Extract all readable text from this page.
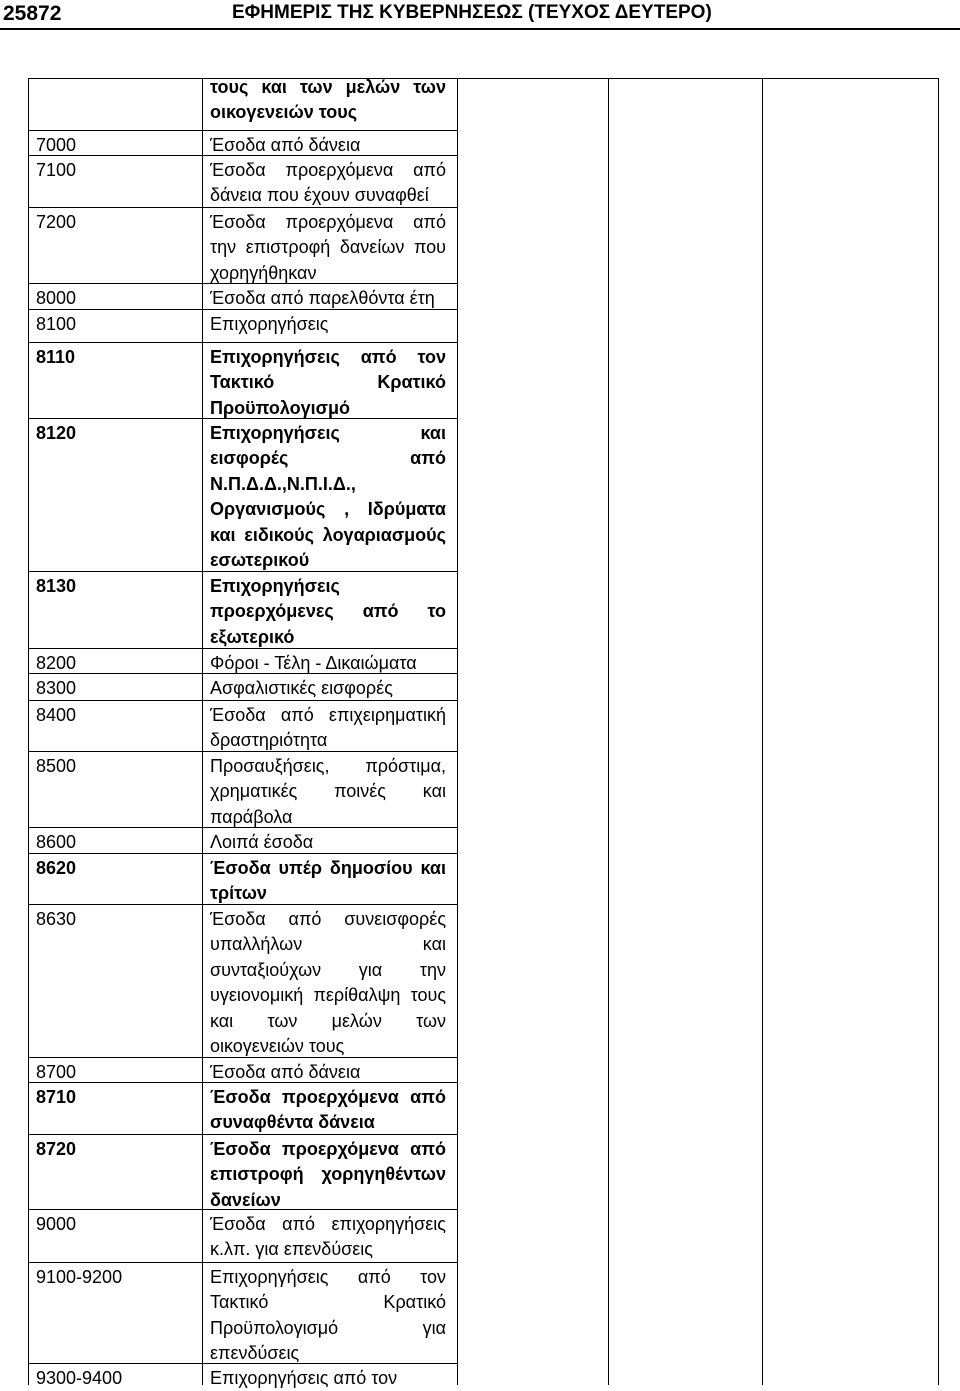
25872	ΕΦΗΜΕΡΙΣ ΤΗΣ ΚΥΒΕΡΝΗΣΕΩΣ (ΤΕΥΧΟΣ ΔΕΥΤΕΡΟ)
τους και των μελών των οικογενειών τους
7000	Έσοδα από δάνεια
7100	Έσοδα προερχόμενα από δάνεια που έχουν συναφθεί
7200	Έσοδα προερχόμενα από την επιστροφή δανείων που χορηγήθηκαν
8000	Έσοδα από παρελθόντα έτη
8100	Επιχορηγήσεις
8110	Επιχορηγήσεις από τον Τακτικό Κρατικό Προϋπολογισμό
8120	Επιχορηγήσεις και εισφορές από Ν.Π.Δ.Δ.,Ν.Π.Ι.Δ., Οργανισμούς , Ιδρύματα και ειδικούς λογαριασμούς εσωτερικού
8130	Επιχορηγήσεις προερχόμενες από το εξωτερικό
8200	Φόροι - Τέλη - Δικαιώματα
8300	Ασφαλιστικές εισφορές
8400	Έσοδα από επιχειρηματική δραστηριότητα
8500	Προσαυξήσεις, πρόστιμα, χρηματικές ποινές και παράβολα
8600	Λοιπά έσοδα
8620	Έσοδα υπέρ δημοσίου και τρίτων
8630	Έσοδα από συνεισφορές υπαλλήλων και συνταξιούχων για την υγειονομική περίθαλψη τους και των μελών των οικογενειών τους
8700	Έσοδα από δάνεια
8710	Έσοδα προερχόμενα από συναφθέντα δάνεια
8720	Έσοδα προερχόμενα από επιστροφή χορηγηθέντων δανείων
9000	Έσοδα από επιχορηγήσεις κ.λπ. για επενδύσεις
9100-9200	Επιχορηγήσεις από τον Τακτικό Κρατικό Προϋπολογισμό για επενδύσεις
9300-9400	Επιχορηγήσεις από τον
